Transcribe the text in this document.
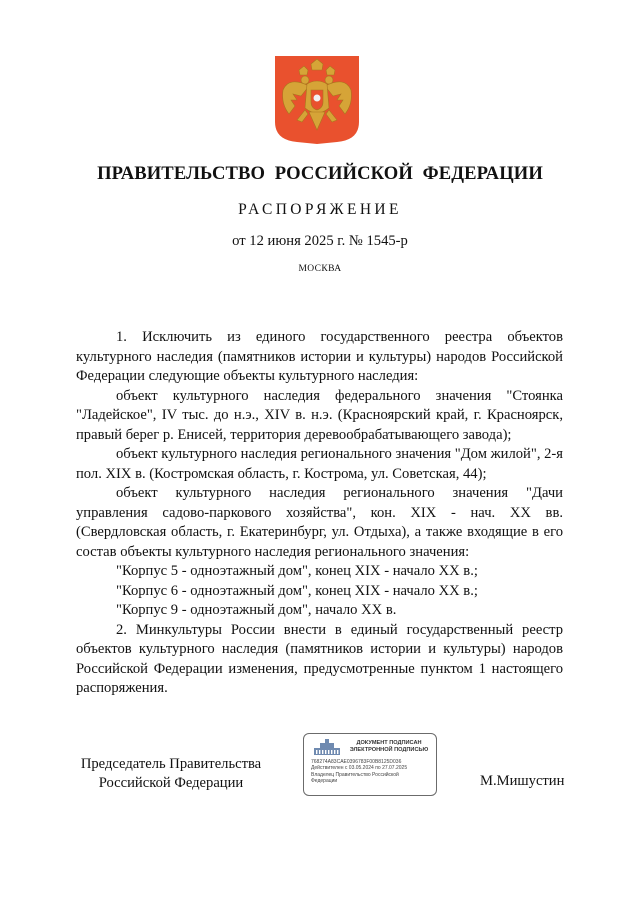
ПРАВИТЕЛЬСТВО РОССИЙСКОЙ ФЕДЕРАЦИИ
РАСПОРЯЖЕНИЕ
от 12 июня 2025 г. № 1545-р
МОСКВА

1. Исключить из единого государственного реестра объектов культурного наследия (памятников истории и культуры) народов Российской Федерации следующие объекты культурного наследия:

объект культурного наследия федерального значения "Стоянка "Ладейское", IV тыс. до н.э., XIV в. н.э. (Красноярский край, г. Красноярск, правый берег р. Енисей, территория деревообрабатывающего завода);

объект культурного наследия регионального значения "Дом жилой", 2-я пол. XIX в. (Костромская область, г. Кострома, ул. Советская, 44);

объект культурного наследия регионального значения "Дачи управления садово-паркового хозяйства", кон. XIX - нач. XX вв. (Свердловская область, г. Екатеринбург, ул. Отдыха), а также входящие в его состав объекты культурного наследия регионального значения:

"Корпус 5 - одноэтажный дом", конец XIX - начало XX в.;

"Корпус 6 - одноэтажный дом", конец XIX - начало XX в.;

"Корпус 9 - одноэтажный дом", начало XX в.

2. Минкультуры России внести в единый государственный реестр объектов культурного наследия (памятников истории и культуры) народов Российской Федерации изменения, предусмотренные пунктом 1 настоящего распоряжения.

Председатель Правительства
Российской Федерации
ДОКУМЕНТ ПОДПИСАН
ЭЛЕКТРОННОЙ ПОДПИСЬЮ
768274A83CAE0396783F00B8125D036
Действителен с 03.05.2024 по 27.07.2025
Владелец Правительство Российской
Федерации	М.Мишустин
